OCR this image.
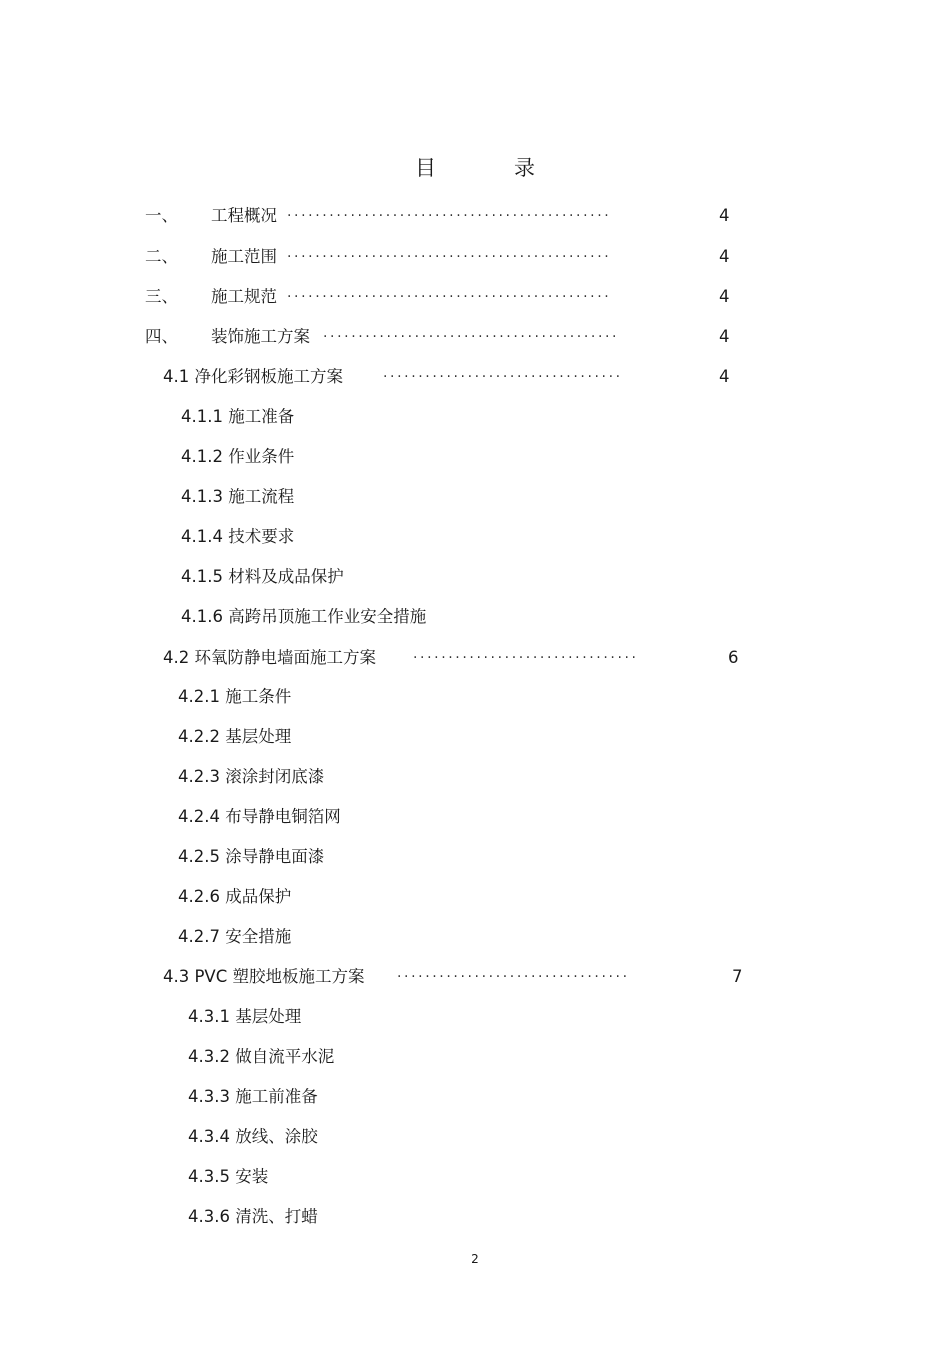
目	录
一、 工程概况 ··············································	4
二、 施工范围 ··············································	4
三、 施工规范 ··············································	4
四、 装饰施工方案 ··········································	4
4.1 净化彩钢板施工方案	··································	4
4.1.1 施工准备
4.1.2 作业条件
4.1.3 施工流程
4.1.4 技术要求
4.1.5 材料及成品保护
4.1.6 高跨吊顶施工作业安全措施
4.2 环氧防静电墙面施工方案	································	6
4.2.1 施工条件
4.2.2 基层处理
4.2.3 滚涂封闭底漆
4.2.4 布导静电铜箔网
4.2.5 涂导静电面漆
4.2.6 成品保护
4.2.7 安全措施
4.3 PVC 塑胶地板施工方案 ·································	7
4.3.1 基层处理
4.3.2 做自流平水泥
4.3.3 施工前准备
4.3.4 放线、涂胶
4.3.5 安装
4.3.6 清洗、打蜡
2
